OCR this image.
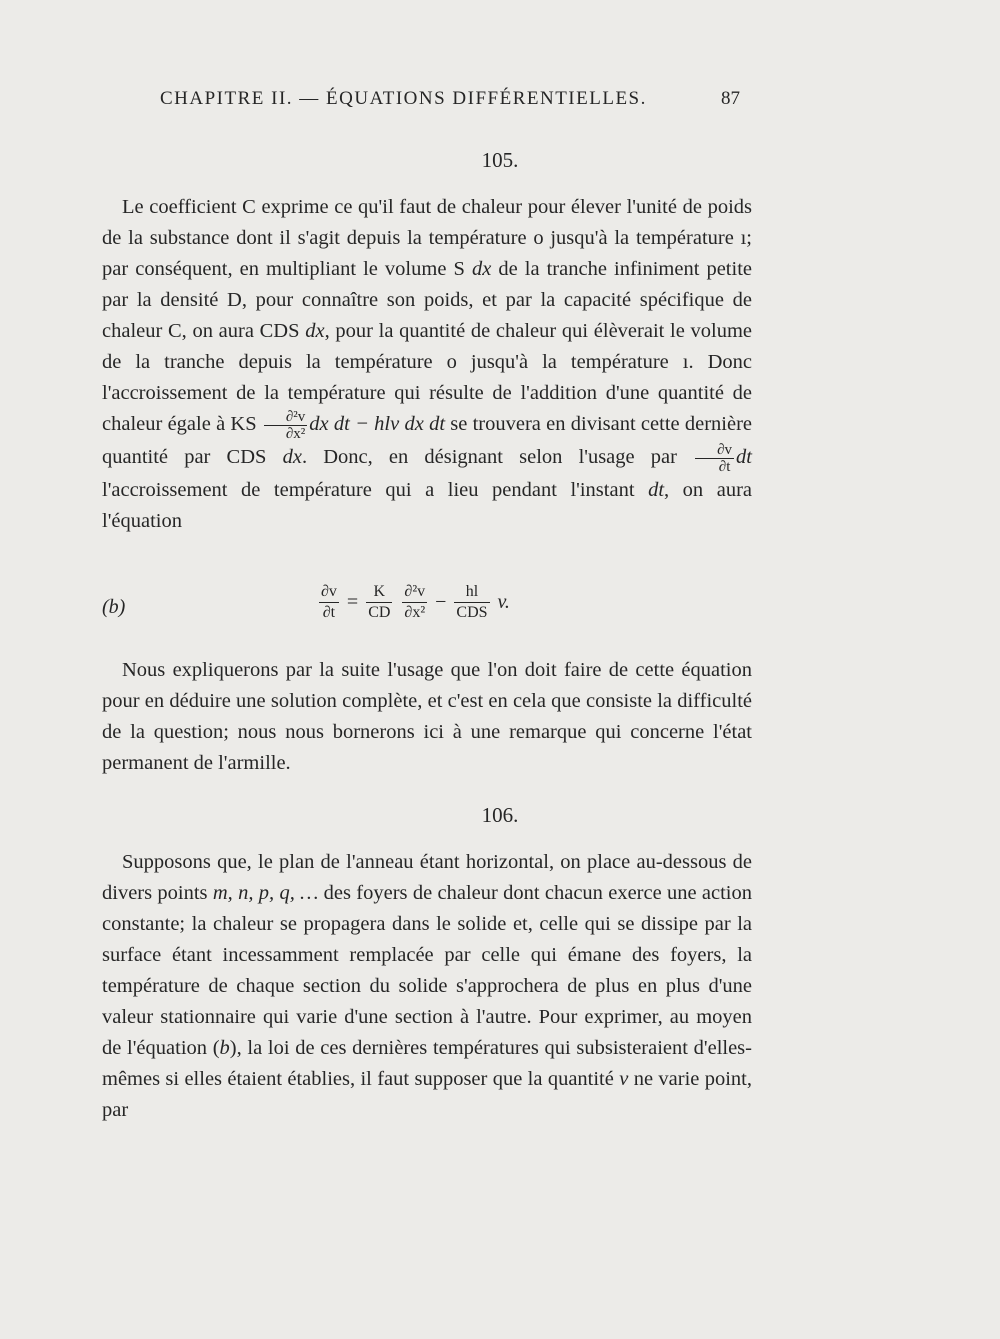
CHAPITRE II. — ÉQUATIONS DIFFÉRENTIELLES.	87
105.

Le coefficient C exprime ce qu'il faut de chaleur pour élever l'unité de poids de la substance dont il s'agit depuis la température o jusqu'à la température ı; par conséquent, en multipliant le volume S dx de la tranche infiniment petite par la densité D, pour connaître son poids, et par la capacité spécifique de chaleur C, on aura CDS dx, pour la quantité de chaleur qui élèverait le volume de la tranche depuis la température o jusqu'à la température ı. Donc l'accroissement de la température qui résulte de l'addition d'une quantité de chaleur égale à KS $\frac{\text{∂²v}}{\text{∂x²}}$ dx dt − hlv dx dt se trouvera en divisant cette dernière quantité par CDS dx. Donc, en désignant selon l'usage par $\frac{\partial v}{\partial t}$ dt l'accroissement de température qui a lieu pendant l'instant dt, on aura l'équation

(b)	$\frac{\partial v}{\partial t} = \frac{K}{CD} \frac{\text{∂²v}}{\text{∂x²}} - \frac{hl}{\text{CDS}} v$.

Nous expliquerons par la suite l'usage que l'on doit faire de cette équation pour en déduire une solution complète, et c'est en cela que consiste la difficulté de la question; nous nous bornerons ici à une remarque qui concerne l'état permanent de l'armille.

106.

Supposons que, le plan de l'anneau étant horizontal, on place au-dessous de divers points m, n, p, q, … des foyers de chaleur dont chacun exerce une action constante; la chaleur se propagera dans le solide et, celle qui se dissipe par la surface étant incessamment remplacée par celle qui émane des foyers, la température de chaque section du solide s'approchera de plus en plus d'une valeur stationnaire qui varie d'une section à l'autre. Pour exprimer, au moyen de l'équation (b), la loi de ces dernières températures qui subsisteraient d'elles-mêmes si elles étaient établies, il faut supposer que la quantité v ne varie point, par
